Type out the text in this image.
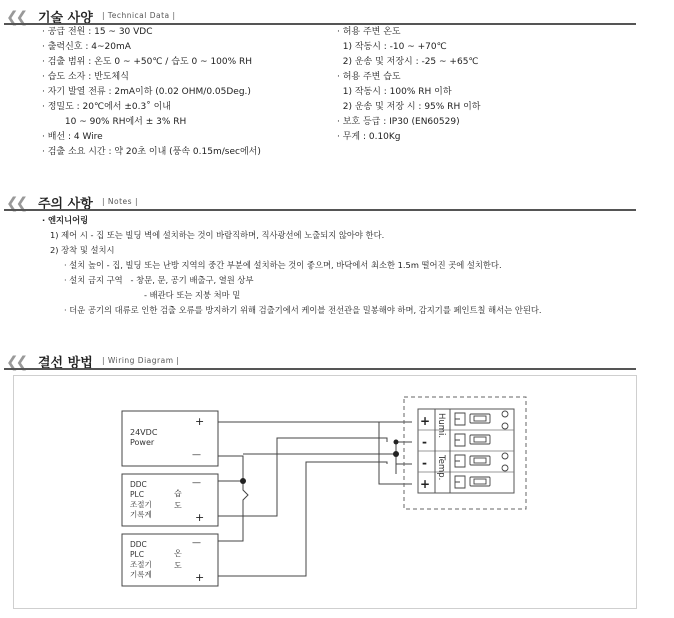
❮❮ 기술 사양 | Technical Data |
· 공급 전원 : 15 ~ 30 VDC
· 출력신호 : 4~20mA
· 검출 범위 : 온도 0 ~ +50℃ / 습도 0 ~ 100% RH
· 습도 소자 : 반도체식
· 자기 발열 전류 : 2mA이하 (0.02 OHM/0.05Deg.)
· 정밀도 : 20℃에서 ±0.3˚ 이내
10 ~ 90% RH에서 ± 3% RH
· 배선 : 4 Wire
· 검출 소요 시간 : 약 20초 이내 (풍속 0.15m/sec에서)
· 허용 주변 온도
1) 작동시 : -10 ~ +70℃
2) 운송 및 저장시 : -25 ~ +65℃
· 허용 주변 습도
1) 작동시 : 100% RH 이하
2) 운송 및 저장 시 : 95% RH 이하
· 보호 등급 : IP30 (EN60529)
· 무게 : 0.10Kg
❮❮ 주의 사항 | Notes |
· 엔지니어링
1) 제어 시 - 집 또는 빌딩 벽에 설치하는 것이 바람직하며, 직사광선에 노출되지 않아야 한다.
2) 장착 및 설치시
· 설치 높이 - 집, 빌딩 또는 난방 지역의 중간 부분에 설치하는 것이 좋으며, 바닥에서 최소한 1.5m 떨어진 곳에 설치한다.
· 설치 금지 구역   - 창문, 문, 공기 배출구, 열원 상부
- 배관다 또는 지붕 처마 밑
· 더운 공기의 대류로 인한 검출 오류를 방지하기 위해 검출기에서 케이블 전선관을 밀봉해야 하며, 감지기를 페인트칠 해서는 안된다.
❮❮ 결선 방법 | Wiring Diagram |
24VDC
Power
+
—
DDC
PLC
조절기
기록계
습
도
—
+
DDC
PLC
조절기
기록계
온
도
—
+
+
-
-
+
Humi.
Temp.
